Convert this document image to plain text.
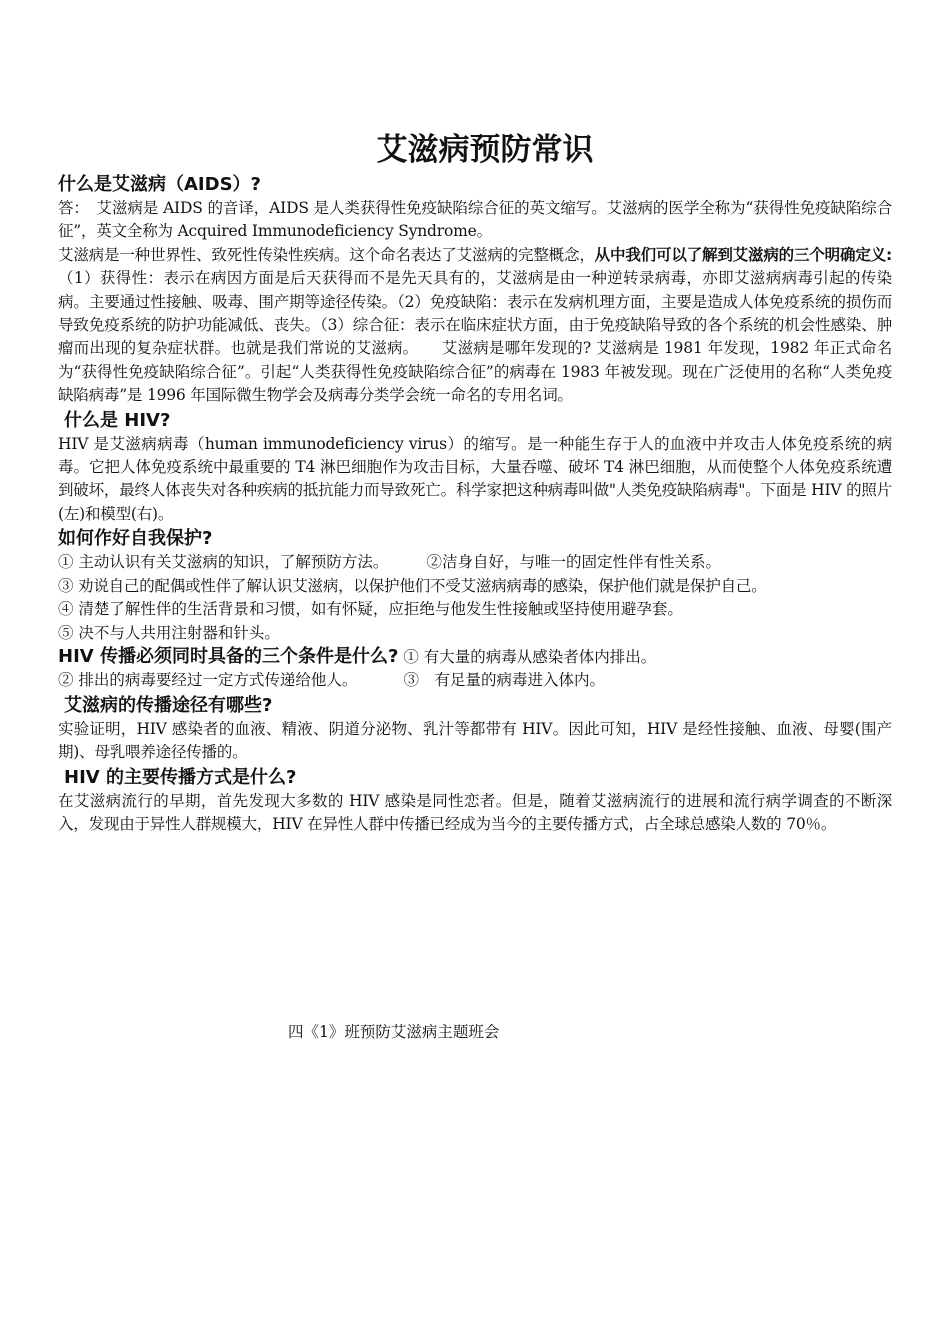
艾滋病预防常识

什么是艾滋病（AIDS）?

答：　艾滋病是 AIDS 的音译，AIDS 是人类获得性免疫缺陷综合征的英文缩写。艾滋病的医学全称为“获得性免疫缺陷综合征”，英文全称为 Acquired Immunodeficiency Syndrome。

艾滋病是一种世界性、致死性传染性疾病。这个命名表达了艾滋病的完整概念，从中我们可以了解到艾滋病的三个明确定义:（1）获得性：表示在病因方面是后天获得而不是先天具有的，艾滋病是由一种逆转录病毒，亦即艾滋病病毒引起的传染病。主要通过性接触、吸毒、围产期等途径传染。（2）免疫缺陷：表示在发病机理方面，主要是造成人体免疫系统的损伤而导致免疫系统的防护功能减低、丧失。（3）综合征：表示在临床症状方面，由于免疫缺陷导致的各个系统的机会性感染、肿瘤而出现的复杂症状群。也就是我们常说的艾滋病。　　艾滋病是哪年发现的? 艾滋病是 1981 年发现，1982 年正式命名为“获得性免疫缺陷综合征”。引起“人类获得性免疫缺陷综合征”的病毒在 1983 年被发现。现在广泛使用的名称“人类免疫缺陷病毒”是 1996 年国际微生物学会及病毒分类学会统一命名的专用名词。

什么是 HIV?

HIV 是艾滋病病毒（human immunodeficiency virus）的缩写。是一种能生存于人的血液中并攻击人体免疫系统的病毒。它把人体免疫系统中最重要的 T4 淋巴细胞作为攻击目标，大量吞噬、破坏 T4 淋巴细胞，从而使整个人体免疫系统遭到破坏，最终人体丧失对各种疾病的抵抗能力而导致死亡。科学家把这种病毒叫做"人类免疫缺陷病毒"。下面是 HIV 的照片(左)和模型(右)。

如何作好自我保护?

① 主动认识有关艾滋病的知识，了解预防方法。 ②洁身自好，与唯一的固定性伴有性关系。

③ 劝说自己的配偶或性伴了解认识艾滋病，以保护他们不受艾滋病病毒的感染，保护他们就是保护自己。

④ 清楚了解性伴的生活背景和习惯，如有怀疑，应拒绝与他发生性接触或坚持使用避孕套。
⑤ 决不与人共用注射器和针头。
HIV 传播必须同时具备的三个条件是什么? ① 有大量的病毒从感染者体内排出。
② 排出的病毒要经过一定方式传递给他人。	③　有足量的病毒进入体内。

艾滋病的传播途径有哪些?

实验证明，HIV 感染者的血液、精液、阴道分泌物、乳汁等都带有 HIV。因此可知，HIV 是经性接触、血液、母婴(围产期)、母乳喂养途径传播的。

HIV 的主要传播方式是什么?

在艾滋病流行的早期，首先发现大多数的 HIV 感染是同性恋者。但是，随着艾滋病流行的进展和流行病学调查的不断深入，发现由于异性人群规模大，HIV 在异性人群中传播已经成为当今的主要传播方式，占全球总感染人数的 70％。

四《1》班预防艾滋病主题班会
